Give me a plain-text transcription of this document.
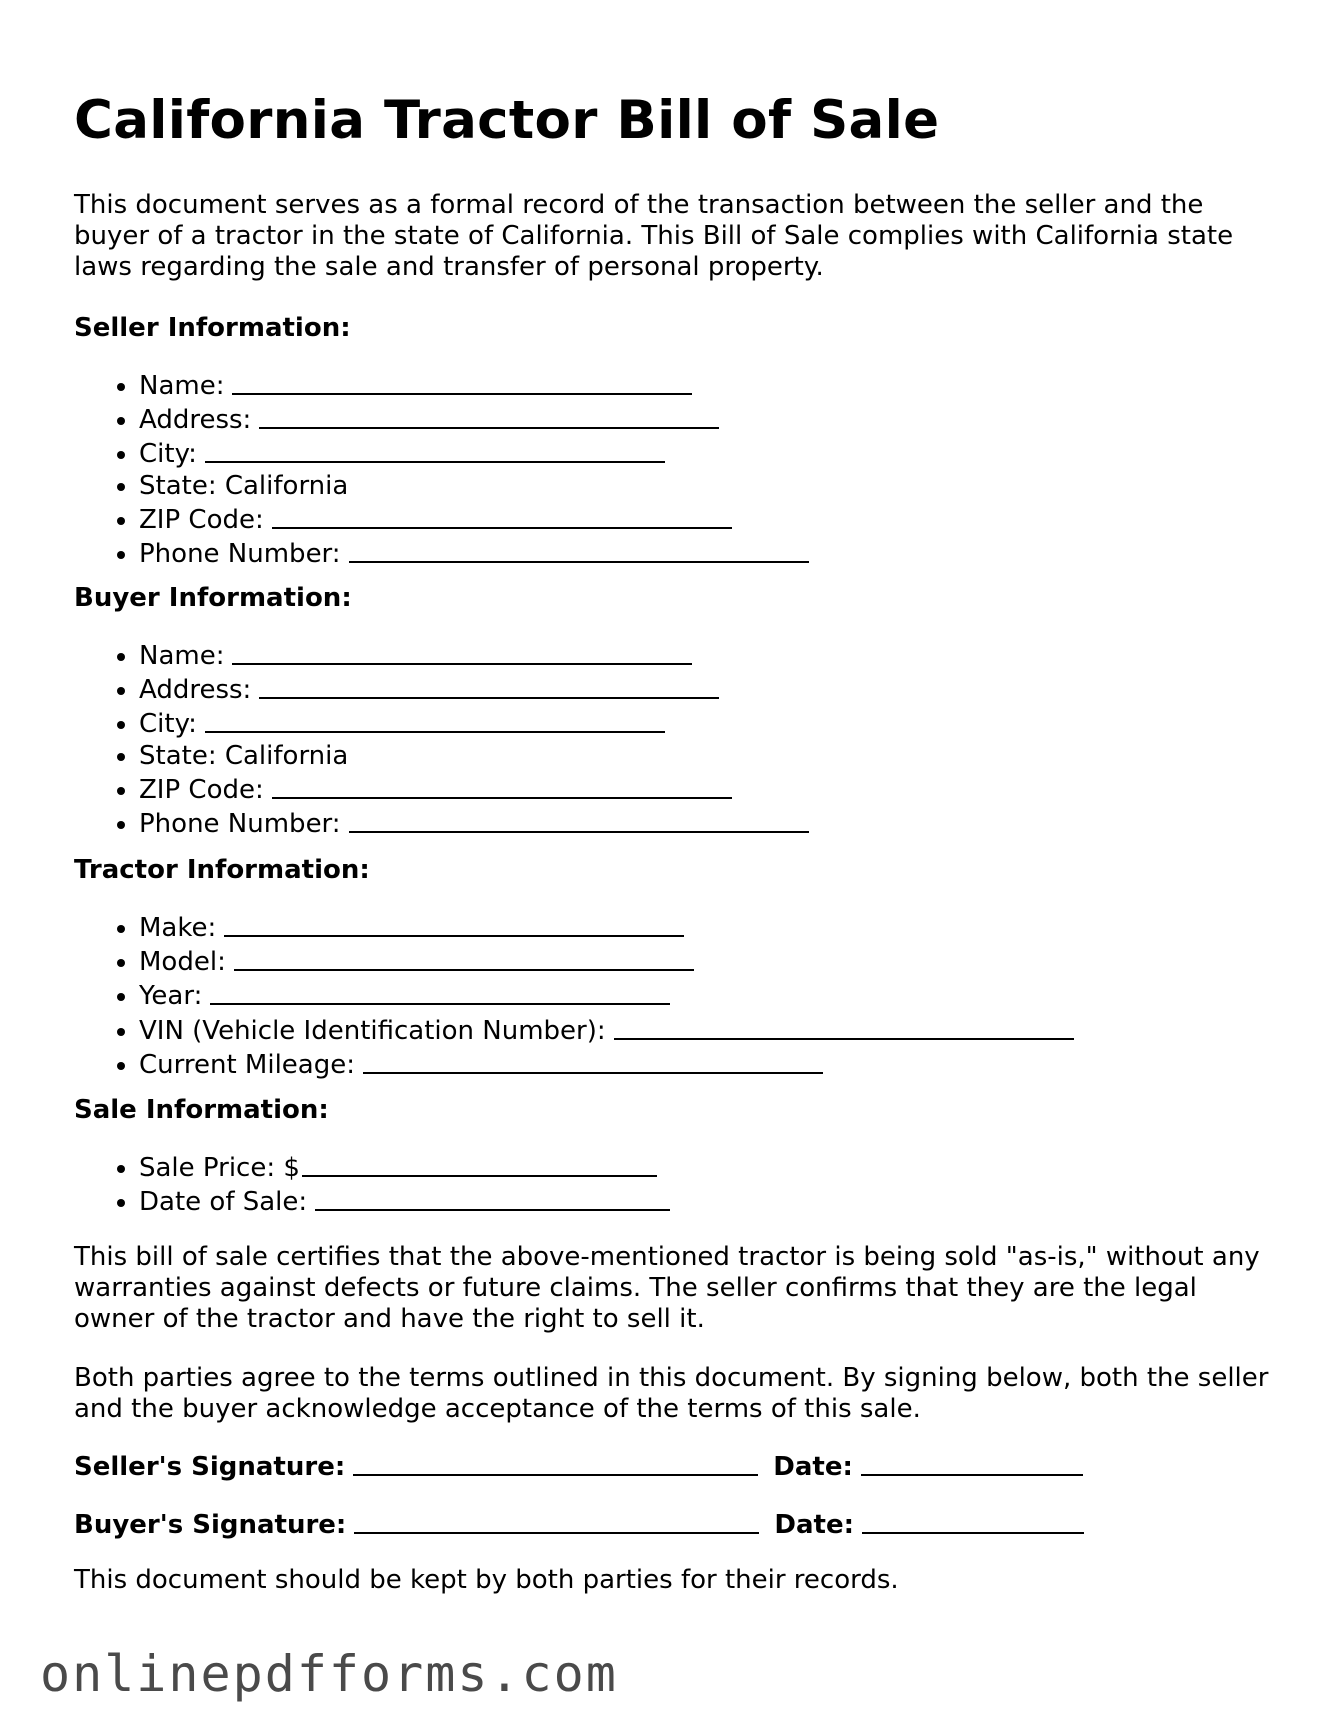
California Tractor Bill of Sale

This document serves as a formal record of the transaction between the seller and the buyer of a tractor in the state of California. This Bill of Sale complies with California state laws regarding the sale and transfer of personal property.

Seller Information:

• Name:
• Address:
• City:
• State: California
• ZIP Code:
• Phone Number:

Buyer Information:

• Name:
• Address:
• City:
• State: California
• ZIP Code:
• Phone Number:

Tractor Information:

• Make:
• Model:
• Year:
• VIN (Vehicle Identification Number):
• Current Mileage:

Sale Information:

• Sale Price: $
• Date of Sale:

This bill of sale certifies that the above-mentioned tractor is being sold "as-is," without any warranties against defects or future claims. The seller confirms that they are the legal owner of the tractor and have the right to sell it.

Both parties agree to the terms outlined in this document. By signing below, both the seller and the buyer acknowledge acceptance of the terms of this sale.

Seller's Signature:	Date:
Buyer's Signature:	Date:

This document should be kept by both parties for their records.

onlinepdfforms.com
